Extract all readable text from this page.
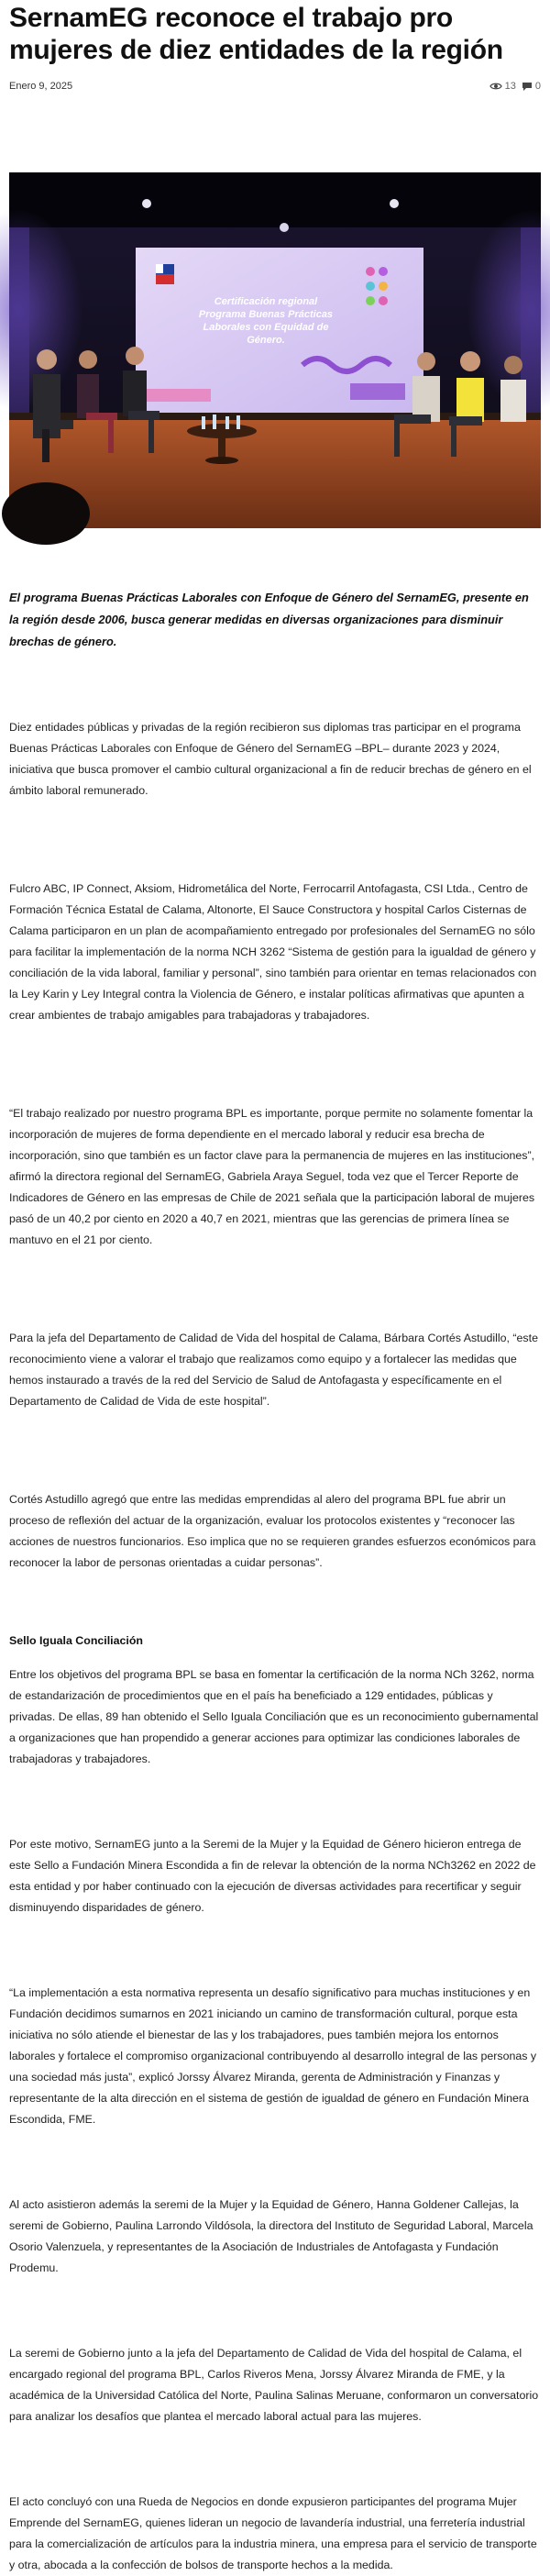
SernamEG reconoce el trabajo pro mujeres de diez entidades de la región
Enero 9, 2025	13 0
Certificación regional
Programa Buenas Prácticas
Laborales con Equidad de
Género.

El programa Buenas Prácticas Laborales con Enfoque de Género del SernamEG, presente en la región desde 2006, busca generar medidas en diversas organizaciones para disminuir brechas de género.

Diez entidades públicas y privadas de la región recibieron sus diplomas tras participar en el programa Buenas Prácticas Laborales con Enfoque de Género del SernamEG –BPL– durante 2023 y 2024, iniciativa que busca promover el cambio cultural organizacional a fin de reducir brechas de género en el ámbito laboral remunerado.

Fulcro ABC, IP Connect, Aksiom, Hidrometálica del Norte, Ferrocarril Antofagasta, CSI Ltda., Centro de Formación Técnica Estatal de Calama, Altonorte, El Sauce Constructora y hospital Carlos Cisternas de Calama participaron en un plan de acompañamiento entregado por profesionales del SernamEG no sólo para facilitar la implementación de la norma NCH 3262 “Sistema de gestión para la igualdad de género y conciliación de la vida laboral, familiar y personal”, sino también para orientar en temas relacionados con la Ley Karin y Ley Integral contra la Violencia de Género, e instalar políticas afirmativas que apunten a crear ambientes de trabajo amigables para trabajadoras y trabajadores.

“El trabajo realizado por nuestro programa BPL es importante, porque permite no solamente fomentar la incorporación de mujeres de forma dependiente en el mercado laboral y reducir esa brecha de incorporación, sino que también es un factor clave para la permanencia de mujeres en las instituciones”, afirmó la directora regional del SernamEG, Gabriela Araya Seguel, toda vez que el Tercer Reporte de Indicadores de Género en las empresas de Chile de 2021 señala que la participación laboral de mujeres pasó de un 40,2 por ciento en 2020 a 40,7 en 2021, mientras que las gerencias de primera línea se mantuvo en el 21 por ciento.

Para la jefa del Departamento de Calidad de Vida del hospital de Calama, Bárbara Cortés Astudillo, “este reconocimiento viene a valorar el trabajo que realizamos como equipo y a fortalecer las medidas que hemos instaurado a través de la red del Servicio de Salud de Antofagasta y específicamente en el Departamento de Calidad de Vida de este hospital”.

Cortés Astudillo agregó que entre las medidas emprendidas al alero del programa BPL fue abrir un proceso de reflexión del actuar de la organización, evaluar los protocolos existentes y “reconocer las acciones de nuestros funcionarios. Eso implica que no se requieren grandes esfuerzos económicos para reconocer la labor de personas orientadas a cuidar personas”.

Sello Iguala Conciliación

Entre los objetivos del programa BPL se basa en fomentar la certificación de la norma NCh 3262, norma de estandarización de procedimientos que en el país ha beneficiado a 129 entidades, públicas y privadas. De ellas, 89 han obtenido el Sello Iguala Conciliación que es un reconocimiento gubernamental a organizaciones que han propendido a generar acciones para optimizar las condiciones laborales de trabajadoras y trabajadores.

Por este motivo, SernamEG junto a la Seremi de la Mujer y la Equidad de Género hicieron entrega de este Sello a Fundación Minera Escondida a fin de relevar la obtención de la norma NCh3262 en 2022 de esta entidad y por haber continuado con la ejecución de diversas actividades para recertificar y seguir disminuyendo disparidades de género.

“La implementación a esta normativa representa un desafío significativo para muchas instituciones y en Fundación decidimos sumarnos en 2021 iniciando un camino de transformación cultural, porque esta iniciativa no sólo atiende el bienestar de las y los trabajadores, pues también mejora los entornos laborales y fortalece el compromiso organizacional contribuyendo al desarrollo integral de las personas y una sociedad más justa”, explicó Jorssy Álvarez Miranda, gerenta de Administración y Finanzas y representante de la alta dirección en el sistema de gestión de igualdad de género en Fundación Minera Escondida, FME.

Al acto asistieron además la seremi de la Mujer y la Equidad de Género, Hanna Goldener Callejas, la seremi de Gobierno, Paulina Larrondo Vildósola, la directora del Instituto de Seguridad Laboral, Marcela Osorio Valenzuela, y representantes de la Asociación de Industriales de Antofagasta y Fundación Prodemu.

La seremi de Gobierno junto a la jefa del Departamento de Calidad de Vida del hospital de Calama, el encargado regional del programa BPL, Carlos Riveros Mena, Jorssy Álvarez Miranda de FME, y la académica de la Universidad Católica del Norte, Paulina Salinas Meruane, conformaron un conversatorio para analizar los desafíos que plantea el mercado laboral actual para las mujeres.

El acto concluyó con una Rueda de Negocios en donde expusieron participantes del programa Mujer Emprende del SernamEG, quienes lideran un negocio de lavandería industrial, una ferretería industrial para la comercialización de artículos para la industria minera, una empresa para el servicio de transporte y otra, abocada a la confección de bolsos de transporte hechos a la medida.
